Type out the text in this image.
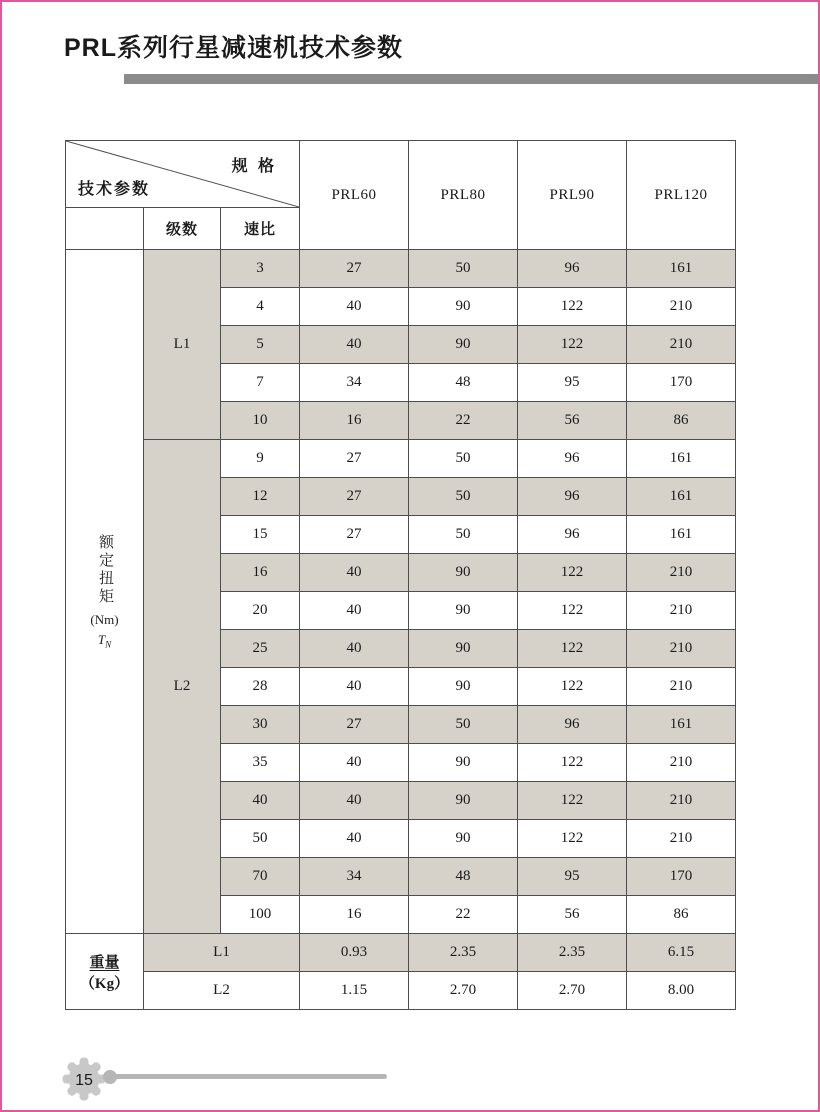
PRL系列行星减速机技术参数
规 格
技术参数			PRL60	PRL80	PRL90	PRL120
	级数	速比				

额定扭矩
(Nm)
$T_N$	L1	3	27	50	96	161
		4	40	90	122	210
		5	40	90	122	210
		7	34	48	95	170
		10	16	22	56	86
	L2	9	27	50	96	161
		12	27	50	96	161
		15	27	50	96	161
		16	40	90	122	210
		20	40	90	122	210
		25	40	90	122	210
		28	40	90	122	210
		30	27	50	96	161
		35	40	90	122	210
		40	40	90	122	210
		50	40	90	122	210
		70	34	48	95	170
		100	16	22	56	86
重量（Kg）	L1		0.93	2.35	2.35	6.15
	L2		1.15	2.70	2.70	8.00
15
